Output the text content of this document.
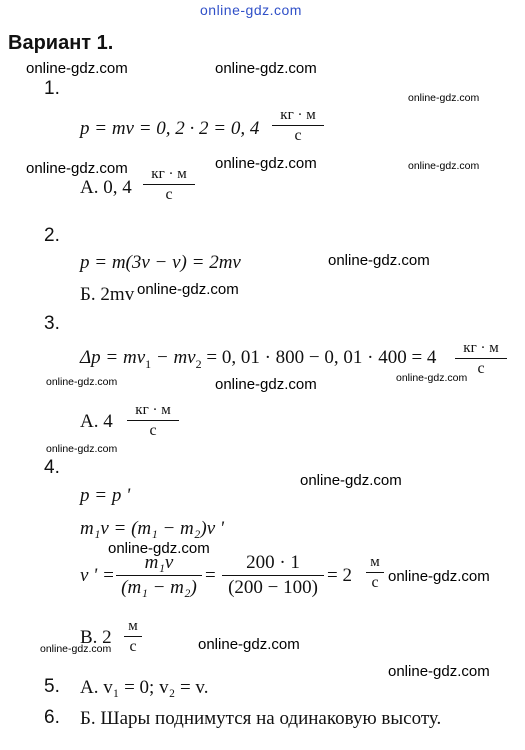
online-gdz.com
Вариант 1.
online-gdz.com	online-gdz.com
online-gdz.com
online-gdz.com	online-gdz.com	online-gdz.com
online-gdz.com
online-gdz.com
online-gdz.com	online-gdz.com	online-gdz.com
online-gdz.com
online-gdz.com
online-gdz.com
online-gdz.com
online-gdz.com
online-gdz.com
online-gdz.com
1.
p = mv = 0, 2 · 2 = 0, 4
кг · м
с
А. 0, 4
кг · м
с
2.
p = m(3v − v) = 2mv
Б. 2mv
3.
$\Delta p = mv_1 - mv_2 = 0$, 01 · 800 − 0, 01 · 400 = 4	кг · м
с
А. 4
кг · м
с
4.
p = p '
m₁v = (m₁ − m₂)v '
v ' =
m₁v
(m₁ − m₂)
=
200 · 1
(200 − 100)
= 2
м
с
В. 2
м
с
5. А. v₁ = 0; v₂ = v.
6. Б. Шары поднимутся на одинаковую высоту.
